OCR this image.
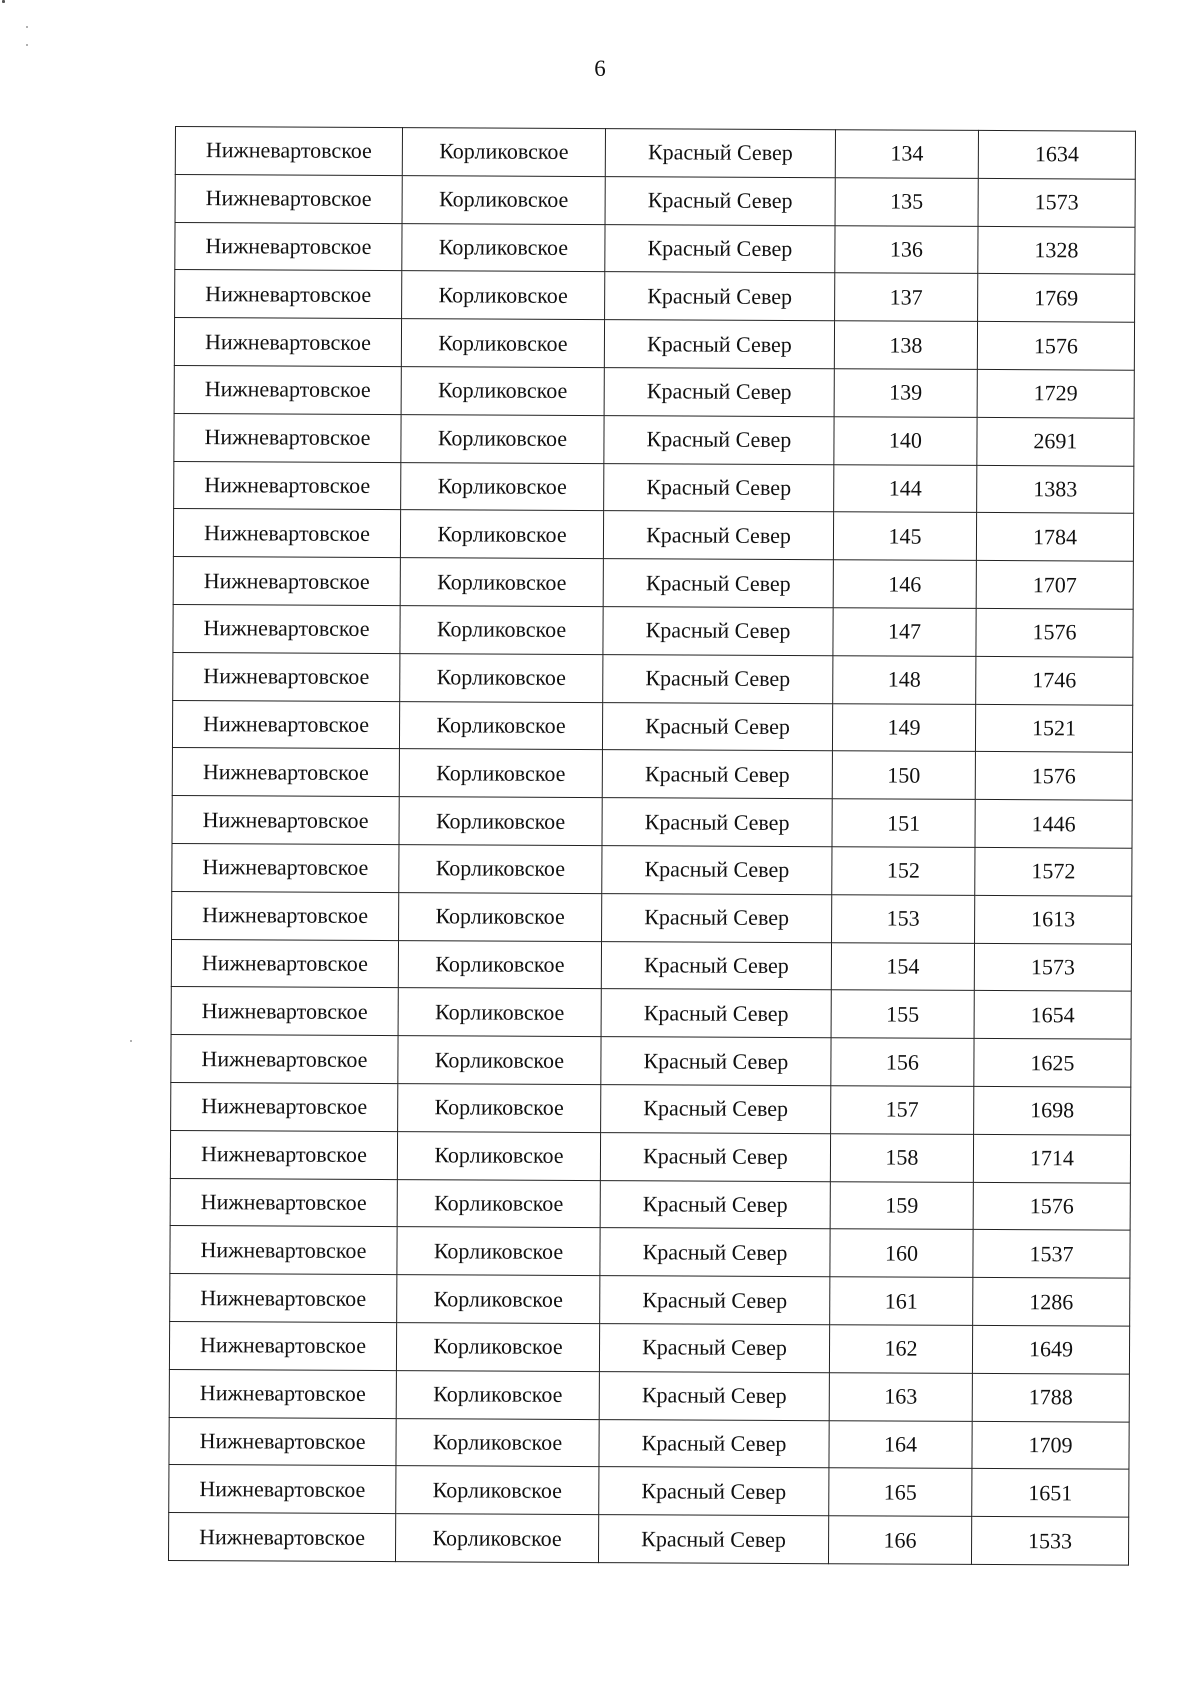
6
Нижневартовское	Корликовское	Красный Север	134	1634
Нижневартовское	Корликовское	Красный Север	135	1573
Нижневартовское	Корликовское	Красный Север	136	1328
Нижневартовское	Корликовское	Красный Север	137	1769
Нижневартовское	Корликовское	Красный Север	138	1576
Нижневартовское	Корликовское	Красный Север	139	1729
Нижневартовское	Корликовское	Красный Север	140	2691
Нижневартовское	Корликовское	Красный Север	144	1383
Нижневартовское	Корликовское	Красный Север	145	1784
Нижневартовское	Корликовское	Красный Север	146	1707
Нижневартовское	Корликовское	Красный Север	147	1576
Нижневартовское	Корликовское	Красный Север	148	1746
Нижневартовское	Корликовское	Красный Север	149	1521
Нижневартовское	Корликовское	Красный Север	150	1576
Нижневартовское	Корликовское	Красный Север	151	1446
Нижневартовское	Корликовское	Красный Север	152	1572
Нижневартовское	Корликовское	Красный Север	153	1613
Нижневартовское	Корликовское	Красный Север	154	1573
Нижневартовское	Корликовское	Красный Север	155	1654
Нижневартовское	Корликовское	Красный Север	156	1625
Нижневартовское	Корликовское	Красный Север	157	1698
Нижневартовское	Корликовское	Красный Север	158	1714
Нижневартовское	Корликовское	Красный Север	159	1576
Нижневартовское	Корликовское	Красный Север	160	1537
Нижневартовское	Корликовское	Красный Север	161	1286
Нижневартовское	Корликовское	Красный Север	162	1649
Нижневартовское	Корликовское	Красный Север	163	1788
Нижневартовское	Корликовское	Красный Север	164	1709
Нижневартовское	Корликовское	Красный Север	165	1651
Нижневартовское	Корликовское	Красный Север	166	1533
